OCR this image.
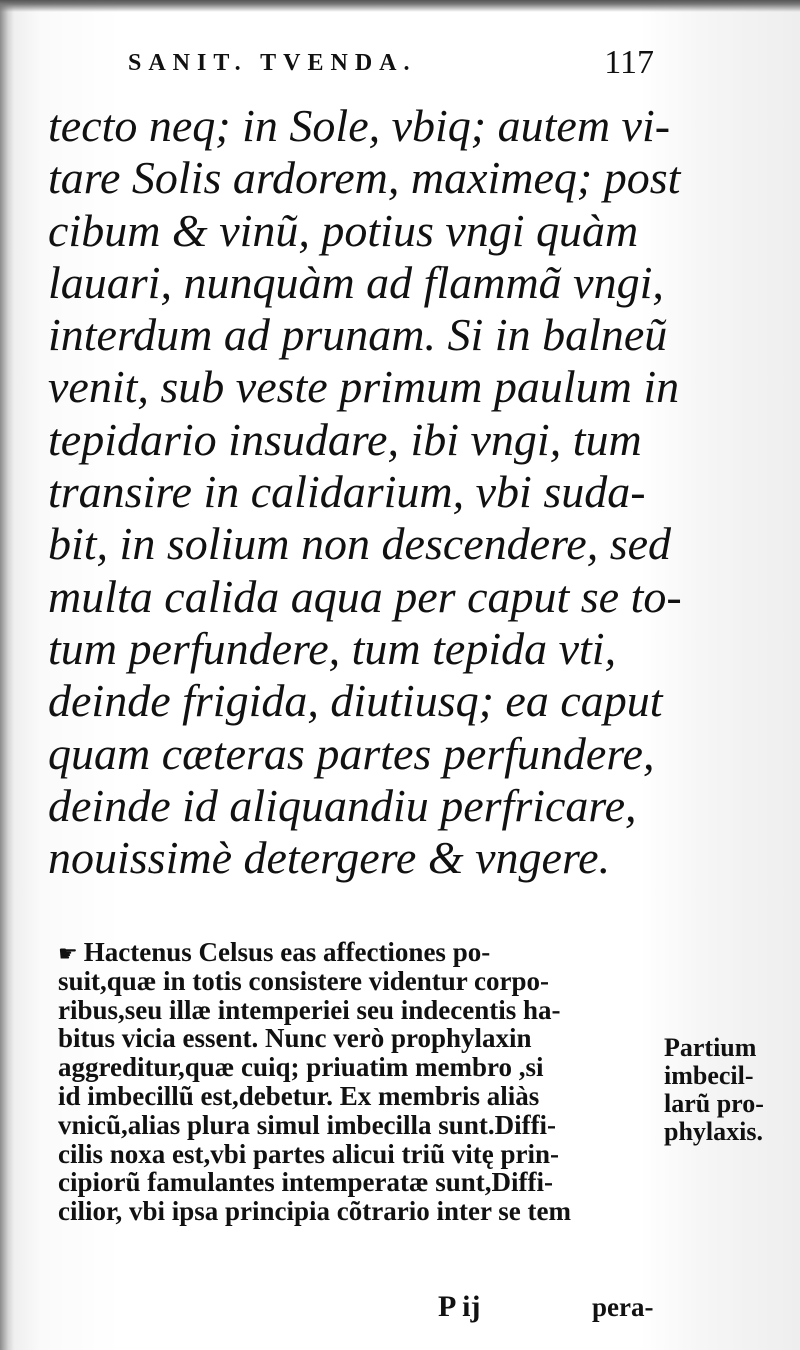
SANIT. TVENDA.	117
tecto neq; in Sole, vbiq; autem vi-
tare Solis ardorem, maximeq; post
cibum & vinũ, potius vngi quàm
lauari, nunquàm ad flammã vngi,
interdum ad prunam. Si in balneũ
venit, sub veste primum paulum in
tepidario insudare, ibi vngi, tum
transire in calidarium, vbi suda-
bit, in solium non descendere, sed
multa calida aqua per caput se to-
tum perfundere, tum tepida vti,
deinde frigida, diutiusq; ea caput
quam cæteras partes perfundere,
deinde id aliquandiu perfricare,
nouissimè detergere & vngere.
☛ Hactenus Celsus eas affectiones po-
suit,quæ in totis consistere videntur corpo-
ribus,seu illæ intemperiei seu indecentis ha-
bitus vicia essent. Nunc verò prophylaxin
aggreditur,quæ cuiq; priuatim membro ,si
id imbecillũ est,debetur. Ex membris aliàs
vnicũ,alias plura simul imbecilla sunt.Diffi-
cilis noxa est,vbi partes alicui triũ vitę prin-
cipiorũ famulantes intemperatæ sunt,Diffi-
cilior, vbi ipsa principia cõtrario inter se tem
Partium
imbecil-
larũ pro-
phylaxis.
P ij	pera-
